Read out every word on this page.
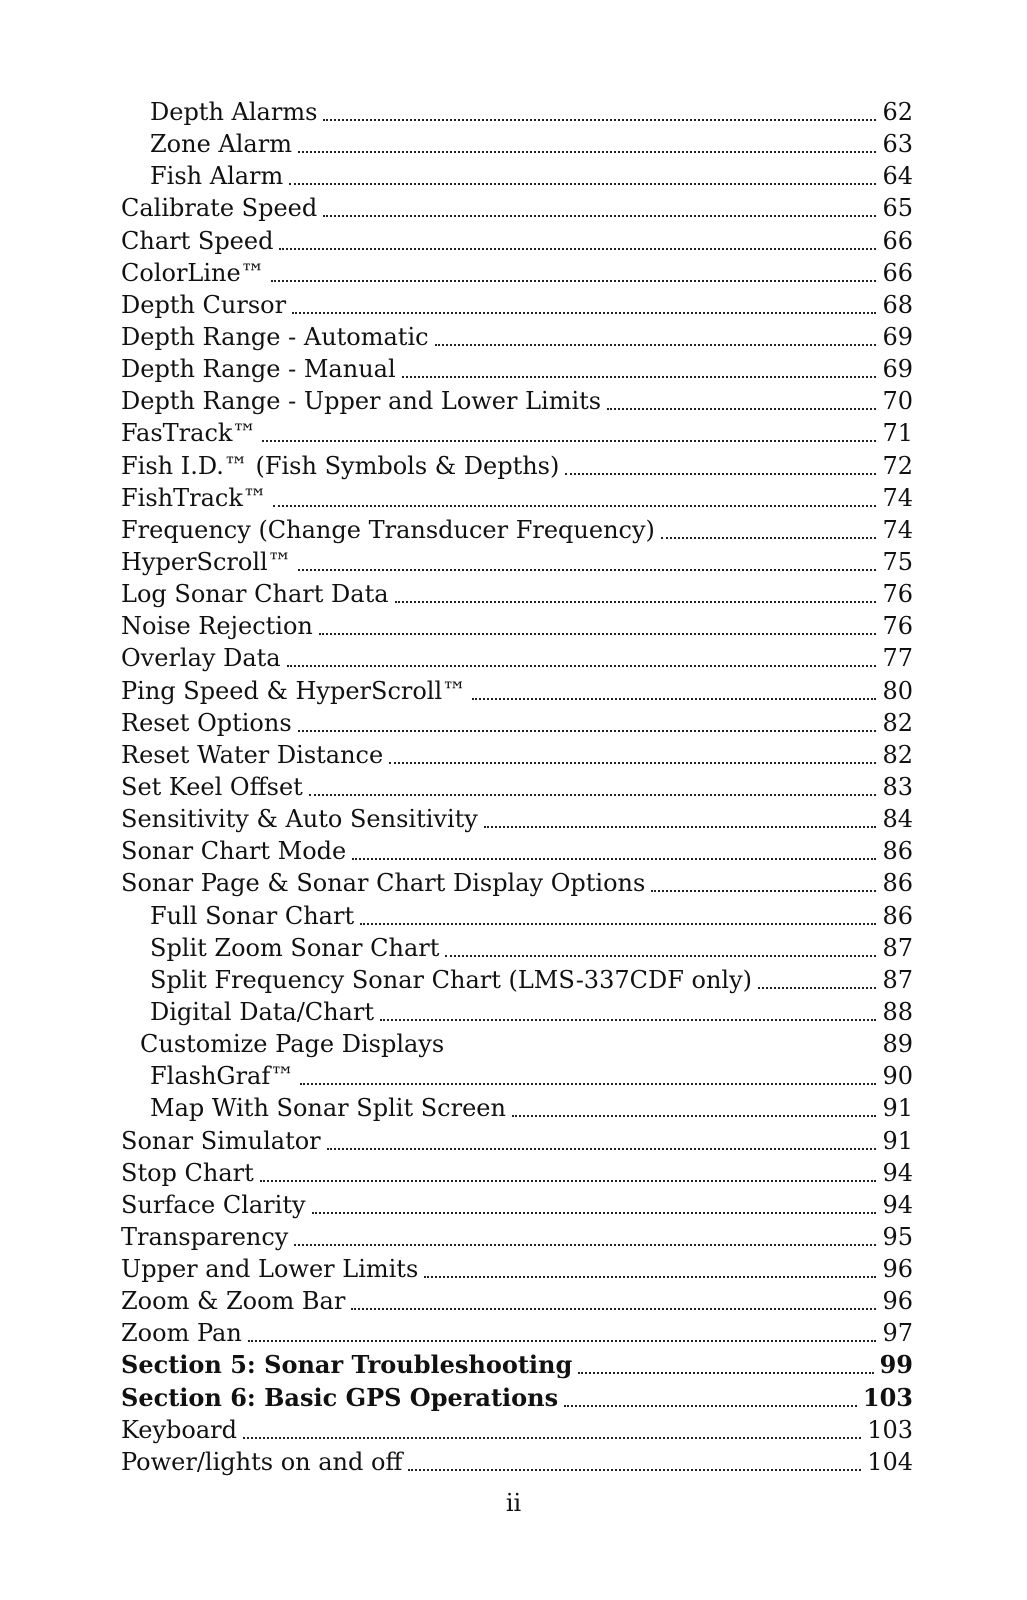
Depth Alarms	62
Zone Alarm	63
Fish Alarm	64
Calibrate Speed	65
Chart Speed	66
ColorLine™	66
Depth Cursor	68
Depth Range - Automatic	69
Depth Range - Manual	69
Depth Range - Upper and Lower Limits	70
FasTrack™	71
Fish I.D.™ (Fish Symbols & Depths)	72
FishTrack™	74
Frequency (Change Transducer Frequency)	74
HyperScroll™	75
Log Sonar Chart Data	76
Noise Rejection	76
Overlay Data	77
Ping Speed & HyperScroll™	80
Reset Options	82
Reset Water Distance	82
Set Keel Offset	83
Sensitivity & Auto Sensitivity	84
Sonar Chart Mode	86
Sonar Page & Sonar Chart Display Options	86
Full Sonar Chart	86
Split Zoom Sonar Chart	87
Split Frequency Sonar Chart (LMS-337CDF only)	87
Digital Data/Chart	88
Customize Page Displays	89
FlashGraf™	90
Map With Sonar Split Screen	91
Sonar Simulator	91
Stop Chart	94
Surface Clarity	94
Transparency	95
Upper and Lower Limits	96
Zoom & Zoom Bar	96
Zoom Pan	97
Section 5: Sonar Troubleshooting	99
Section 6: Basic GPS Operations	103
Keyboard	103
Power/lights on and off	104
ii
